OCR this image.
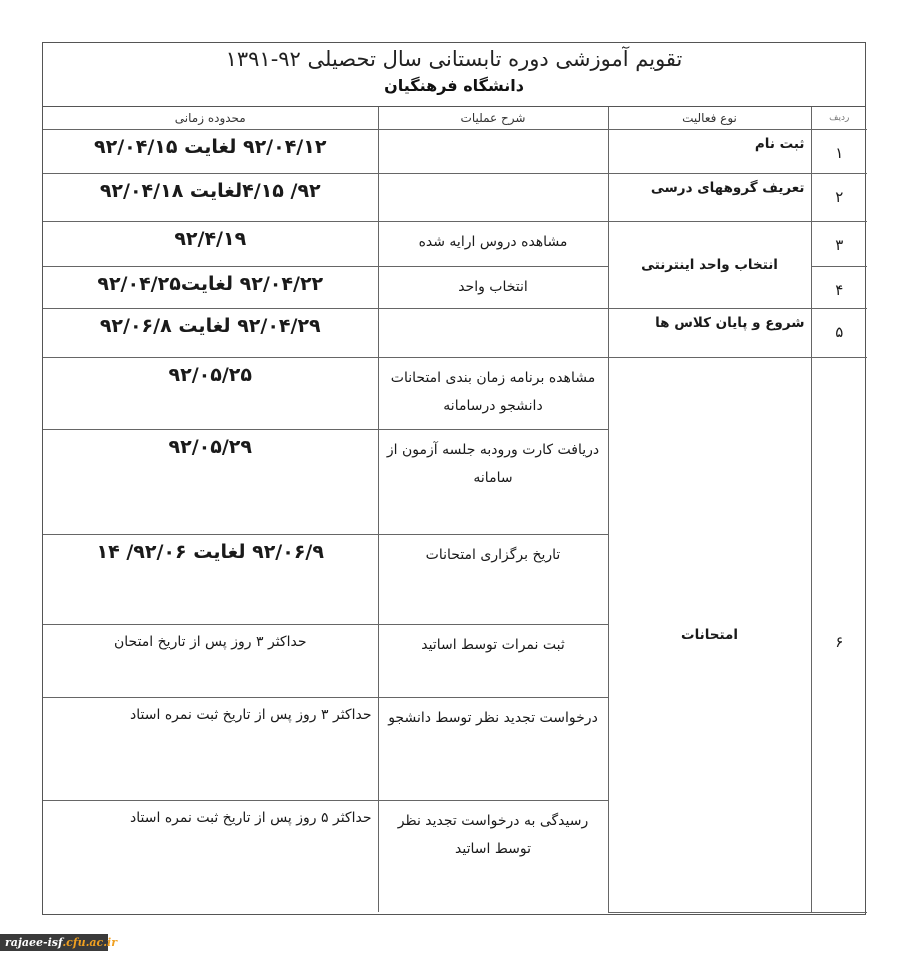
تقویم آموزشی دوره تابستانی سال تحصیلی ۹۲-۱۳۹۱
دانشگاه فرهنگیان
ردیف	نوع فعالیت	شرح عملیات	محدوده زمانی
۱	ثبت نام		۹۲/۰۴/۱۲ لغایت ۹۲/۰۴/۱۵
۲	تعریف گروههای درسی		۹۲/ ۴/۱۵لغایت ۹۲/۰۴/۱۸
۳	انتخاب واحد اینترنتی	مشاهده دروس ارایه شده	۹۲/۴/۱۹
۴		انتخاب واحد	۹۲/۰۴/۲۲ لغایت۹۲/۰۴/۲۵
۵	شروع و پایان کلاس ها		۹۲/۰۴/۲۹ لغایت ۹۲/۰۶/۸
۶	امتحانات	مشاهده برنامه زمان بندی امتحانات دانشجو درسامانه	۹۲/۰۵/۲۵
		دریافت کارت ورودبه جلسه آزمون از سامانه	۹۲/۰۵/۲۹
		تاریخ برگزاری امتحانات	۹۲/۰۶/۹ لغایت ۹۲/۰۶/ ۱۴
		ثبت نمرات توسط اساتید	حداکثر ۳ روز پس از تاریخ امتحان
		درخواست تجدید نظر توسط دانشجو	حداکثر ۳ روز پس از تاریخ ثبت نمره استاد
		رسیدگی به درخواست تجدید نظر توسط اساتید	حداکثر ۵ روز پس از تاریخ ثبت نمره استاد
rajaee-isf.cfu.ac.ir
